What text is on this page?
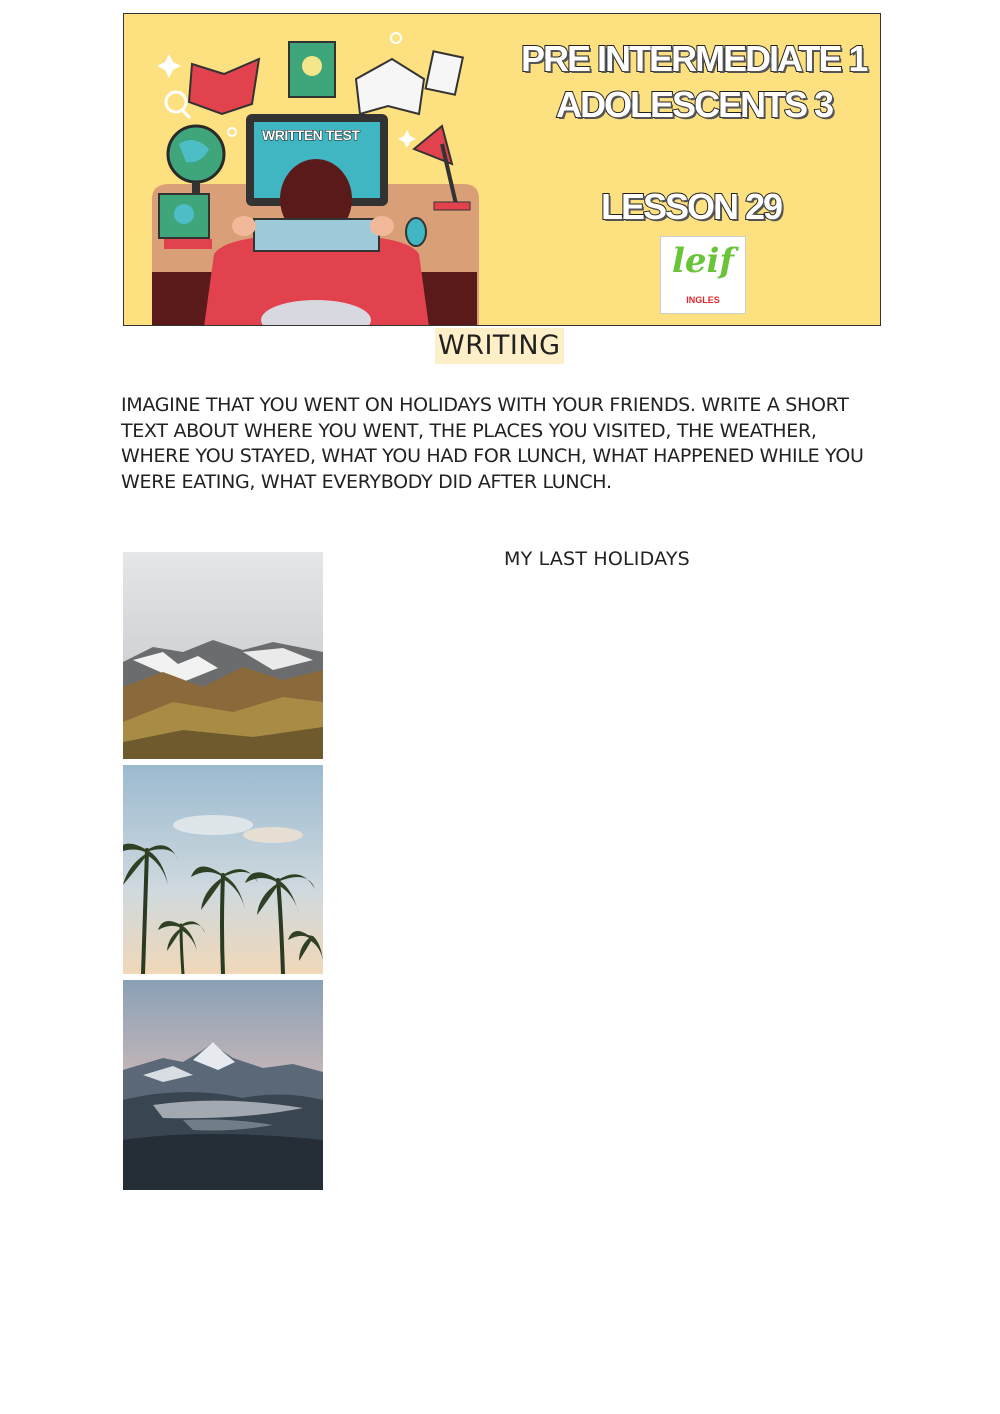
WRITTEN TEST
PRE INTERMEDIATE 1
ADOLESCENTS 3
LESSON 29
leif
INGLES
WRITING
IMAGINE THAT YOU WENT ON HOLIDAYS WITH YOUR FRIENDS. WRITE A SHORT TEXT ABOUT WHERE YOU WENT, THE PLACES YOU VISITED, THE WEATHER, WHERE YOU STAYED, WHAT YOU HAD FOR LUNCH, WHAT HAPPENED WHILE YOU WERE EATING, WHAT EVERYBODY DID AFTER LUNCH.
MY LAST HOLIDAYS
